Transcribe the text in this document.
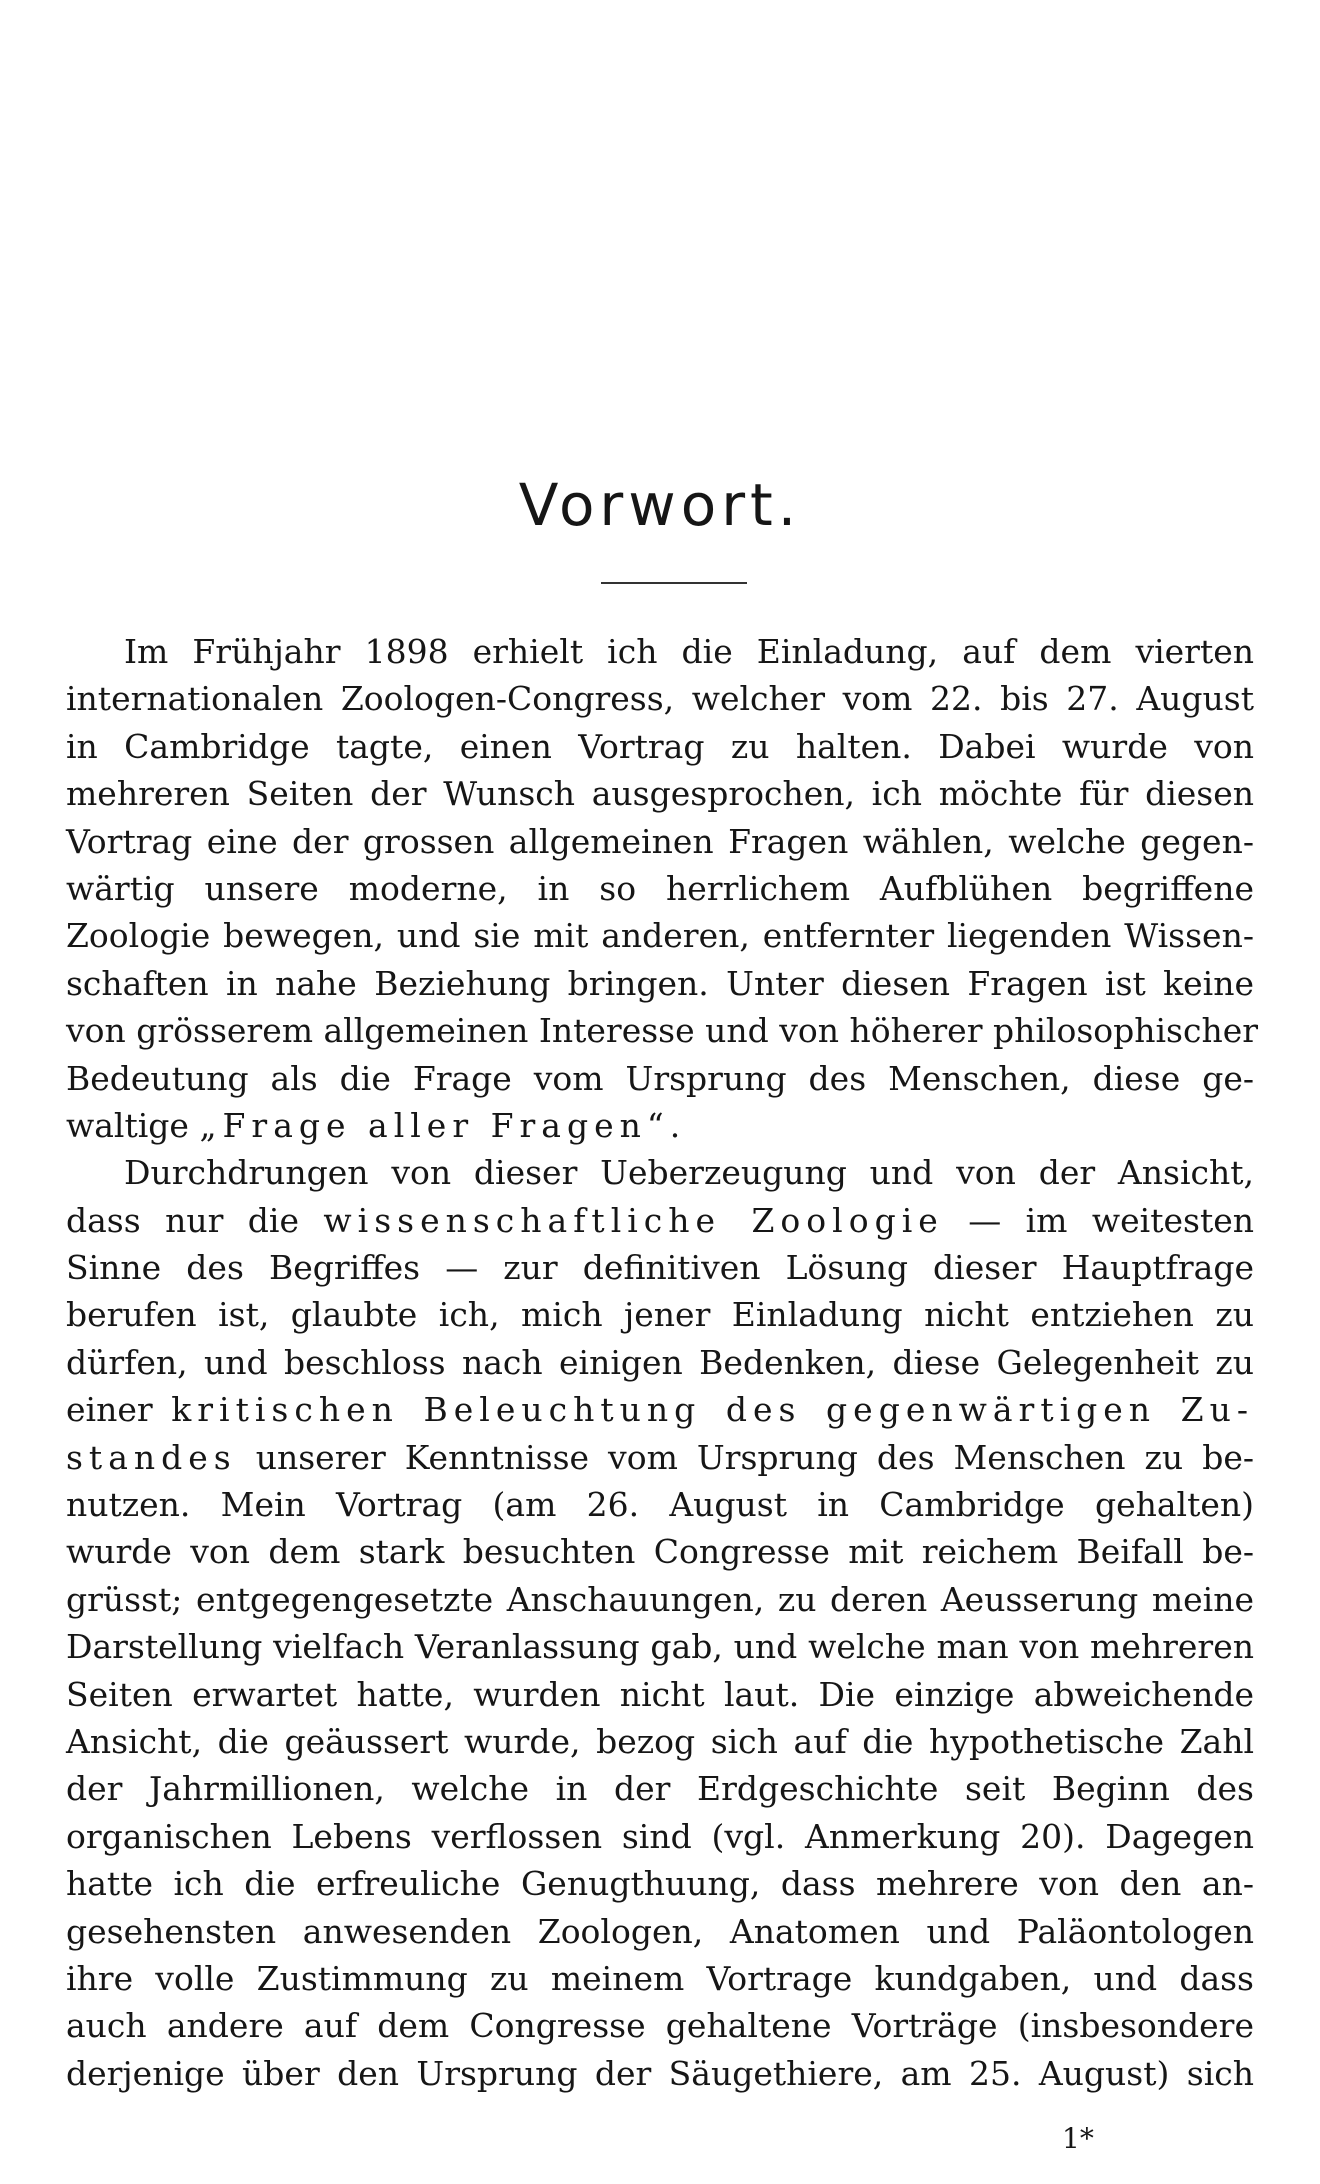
Vorwort.
Im Frühjahr 1898 erhielt ich die Einladung, auf dem vierten
internationalen Zoologen-Congress, welcher vom 22. bis 27. August
in Cambridge tagte, einen Vortrag zu halten. Dabei wurde von
mehreren Seiten der Wunsch ausgesprochen, ich möchte für diesen
Vortrag eine der grossen allgemeinen Fragen wählen, welche gegen-
wärtig unsere moderne, in so herrlichem Aufblühen begriffene
Zoologie bewegen, und sie mit anderen, entfernter liegenden Wissen-
schaften in nahe Beziehung bringen. Unter diesen Fragen ist keine
von grösserem allgemeinen Interesse und von höherer philosophischer
Bedeutung als die Frage vom Ursprung des Menschen, diese ge-
waltige „Frage aller Fragen“.
Durchdrungen von dieser Ueberzeugung und von der Ansicht,
dass nur die wissenschaftliche Zoologie — im weitesten
Sinne des Begriffes — zur definitiven Lösung dieser Hauptfrage
berufen ist, glaubte ich, mich jener Einladung nicht entziehen zu
dürfen, und beschloss nach einigen Bedenken, diese Gelegenheit zu
einer kritischen Beleuchtung des gegenwärtigen Zu-
standes unserer Kenntnisse vom Ursprung des Menschen zu be-
nutzen. Mein Vortrag (am 26. August in Cambridge gehalten)
wurde von dem stark besuchten Congresse mit reichem Beifall be-
grüsst; entgegengesetzte Anschauungen, zu deren Aeusserung meine
Darstellung vielfach Veranlassung gab, und welche man von mehreren
Seiten erwartet hatte, wurden nicht laut. Die einzige abweichende
Ansicht, die geäussert wurde, bezog sich auf die hypothetische Zahl
der Jahrmillionen, welche in der Erdgeschichte seit Beginn des
organischen Lebens verflossen sind (vgl. Anmerkung 20). Dagegen
hatte ich die erfreuliche Genugthuung, dass mehrere von den an-
gesehensten anwesenden Zoologen, Anatomen und Paläontologen
ihre volle Zustimmung zu meinem Vortrage kundgaben, und dass
auch andere auf dem Congresse gehaltene Vorträge (insbesondere
derjenige über den Ursprung der Säugethiere, am 25. August) sich
1*
